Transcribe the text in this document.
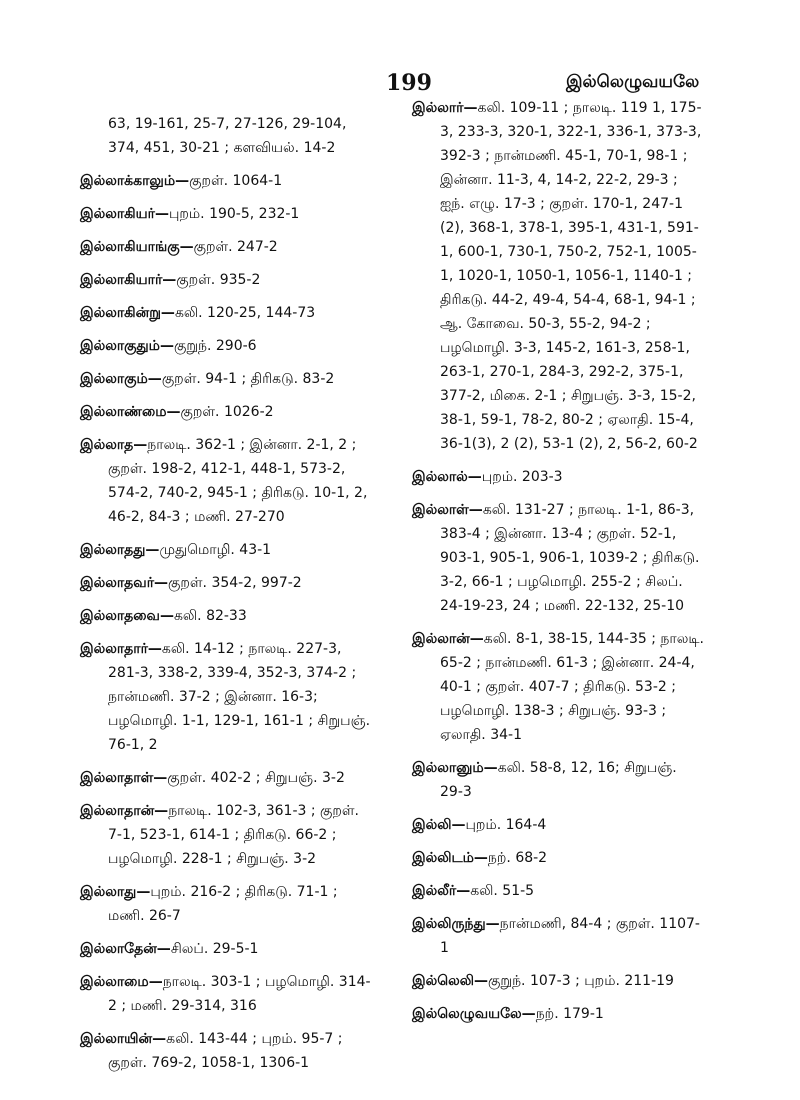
199	இல்லெழுவயலே

63, 19-161, 25-7, 27-126, 29-104, 374, 451, 30-21 ; களவியல். 14-2

இல்லாக்காலும்—குறள். 1064-1

இல்லாகியர்—புறம். 190-5, 232-1

இல்லாகியாங்கு—குறள். 247-2

இல்லாகியார்—குறள். 935-2

இல்லாகின்று—கலி. 120-25, 144-73

இல்லாகுதும்—குறுந். 290-6

இல்லாகும்—குறள். 94-1 ; திரிகடு. 83-2

இல்லாண்மை—குறள். 1026-2

இல்லாத—நாலடி. 362-1 ; இன்னா. 2-1, 2 ; குறள். 198-2, 412-1, 448-1, 573-2, 574-2, 740-2, 945-1 ; திரிகடு. 10-1, 2, 46-2, 84-3 ; மணி. 27-270

இல்லாதது—முதுமொழி. 43-1

இல்லாதவர்—குறள். 354-2, 997-2

இல்லாதவை—கலி. 82-33

இல்லாதார்—கலி. 14-12 ; நாலடி. 227-3, 281-3, 338-2, 339-4, 352-3, 374-2 ; நான்மணி. 37-2 ; இன்னா. 16-3; பழமொழி. 1-1, 129-1, 161-1 ; சிறுபஞ். 76-1, 2

இல்லாதாள்—குறள். 402-2 ; சிறுபஞ். 3-2

இல்லாதான்—நாலடி. 102-3, 361-3 ; குறள். 7-1, 523-1, 614-1 ; திரிகடு. 66-2 ; பழமொழி. 228-1 ; சிறுபஞ். 3-2

இல்லாது—புறம். 216-2 ; திரிகடு. 71-1 ; மணி. 26-7

இல்லாதேன்—சிலப். 29-5-1

இல்லாமை—நாலடி. 303-1 ; பழமொழி. 314-2 ; மணி. 29-314, 316

இல்லாயின்—கலி. 143-44 ; புறம். 95-7 ; குறள். 769-2, 1058-1, 1306-1

இல்லார்—கலி. 109-11 ; நாலடி. 119 1, 175-3, 233-3, 320-1, 322-1, 336-1, 373-3, 392-3 ; நான்மணி. 45-1, 70-1, 98-1 ; இன்னா. 11-3, 4, 14-2, 22-2, 29-3 ; ஐந். எழு. 17-3 ; குறள். 170-1, 247-1 (2), 368-1, 378-1, 395-1, 431-1, 591-1, 600-1, 730-1, 750-2, 752-1, 1005-1, 1020-1, 1050-1, 1056-1, 1140-1 ; திரிகடு. 44-2, 49-4, 54-4, 68-1, 94-1 ; ஆ. கோவை. 50-3, 55-2, 94-2 ; பழமொழி. 3-3, 145-2, 161-3, 258-1, 263-1, 270-1, 284-3, 292-2, 375-1, 377-2, மிகை. 2-1 ; சிறுபஞ். 3-3, 15-2, 38-1, 59-1, 78-2, 80-2 ; ஏலாதி. 15-4, 36-1(3), 2 (2), 53-1 (2), 2, 56-2, 60-2

இல்லால்—புறம். 203-3

இல்லாள்—கலி. 131-27 ; நாலடி. 1-1, 86-3, 383-4 ; இன்னா. 13-4 ; குறள். 52-1, 903-1, 905-1, 906-1, 1039-2 ; திரிகடு. 3-2, 66-1 ; பழமொழி. 255-2 ; சிலப். 24-19-23, 24 ; மணி. 22-132, 25-10

இல்லான்—கலி. 8-1, 38-15, 144-35 ; நாலடி. 65-2 ; நான்மணி. 61-3 ; இன்னா. 24-4, 40-1 ; குறள். 407-7 ; திரிகடு. 53-2 ; பழமொழி. 138-3 ; சிறுபஞ். 93-3 ; ஏலாதி. 34-1

இல்லானும்—கலி. 58-8, 12, 16; சிறுபஞ். 29-3

இல்லி—புறம். 164-4

இல்லிடம்—நற். 68-2

இல்லீர்—கலி. 51-5

இல்லிருந்து—நான்மணி, 84-4 ; குறள். 1107-1

இல்லெலி—குறுந். 107-3 ; புறம். 211-19

இல்லெழுவயலே—நற். 179-1
